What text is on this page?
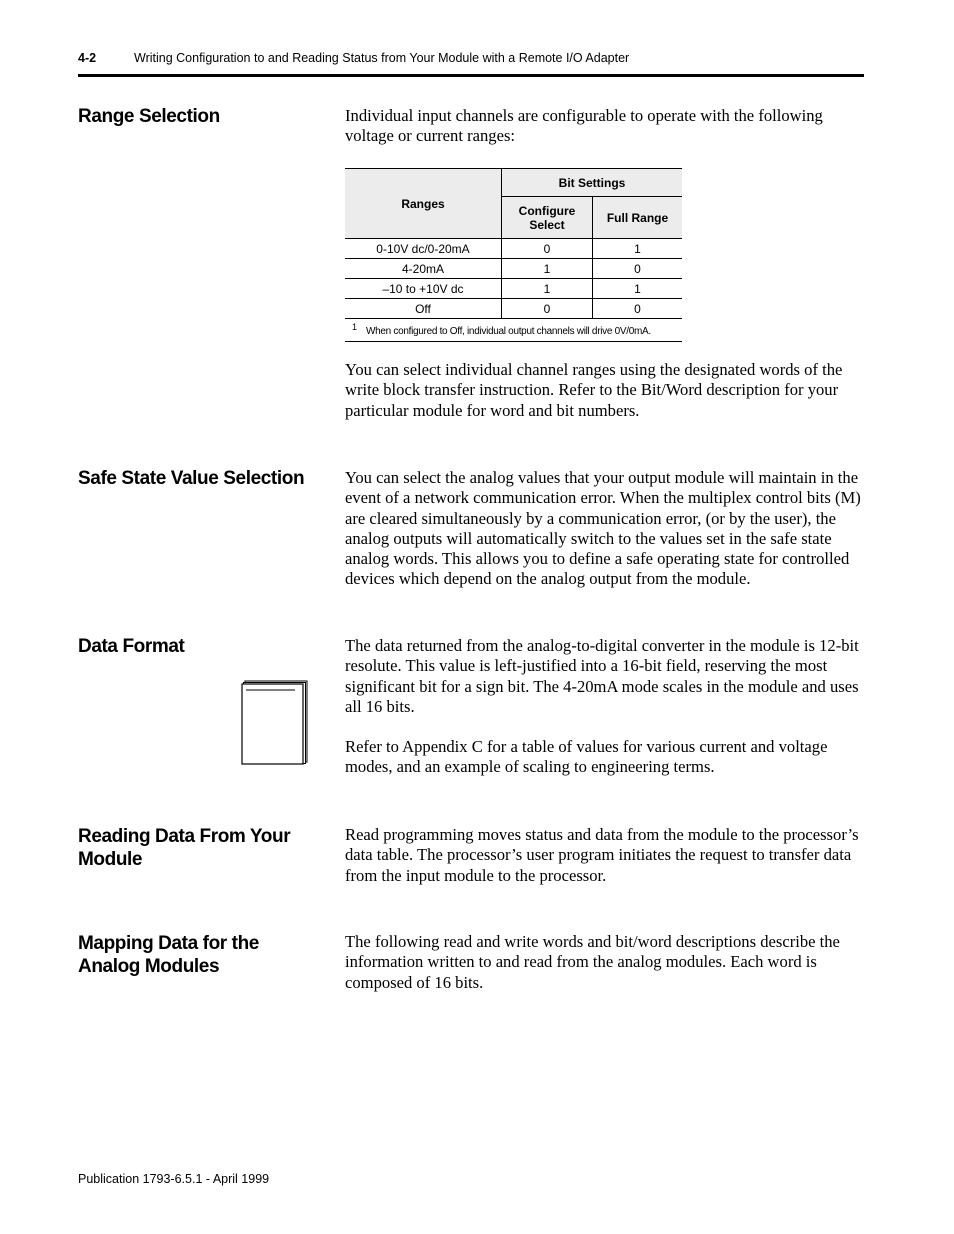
4-2	Writing Configuration to and Reading Status from Your Module with a Remote I/O Adapter
Range Selection	Individual input channels are configurable to operate with the following voltage or current ranges:
Ranges	Bit Settings	
	Configure Select	Full Range
0-10V dc/0-20mA	0	1
4-20mA	1	0
–10 to +10V dc	1	1
Off	0	0
1 When configured to Off, individual output channels will drive 0V/0mA.
You can select individual channel ranges using the designated words of the write block transfer instruction. Refer to the Bit/Word description for your particular module for word and bit numbers.
Safe State Value Selection	You can select the analog values that your output module will maintain in the event of a network communication error. When the multiplex control bits (M) are cleared simultaneously by a communication error, (or by the user), the analog outputs will automatically switch to the values set in the safe state analog words. This allows you to define a safe operating state for controlled devices which depend on the analog output from the module.
Data Format	The data returned from the analog-to-digital converter in the module is 12-bit resolute. This value is left-justified into a 16-bit field, reserving the most significant bit for a sign bit. The 4-20mA mode scales in the module and uses all 16 bits.
Refer to Appendix C for a table of values for various current and voltage modes, and an example of scaling to engineering terms.
Reading Data From Your Module
Read programming moves status and data from the module to the processor’s data table. The processor’s user program initiates the request to transfer data from the input module to the processor.
Mapping Data for the Analog Modules
The following read and write words and bit/word descriptions describe the information written to and read from the analog modules. Each word is composed of 16 bits.
Publication 1793-6.5.1 - April 1999
